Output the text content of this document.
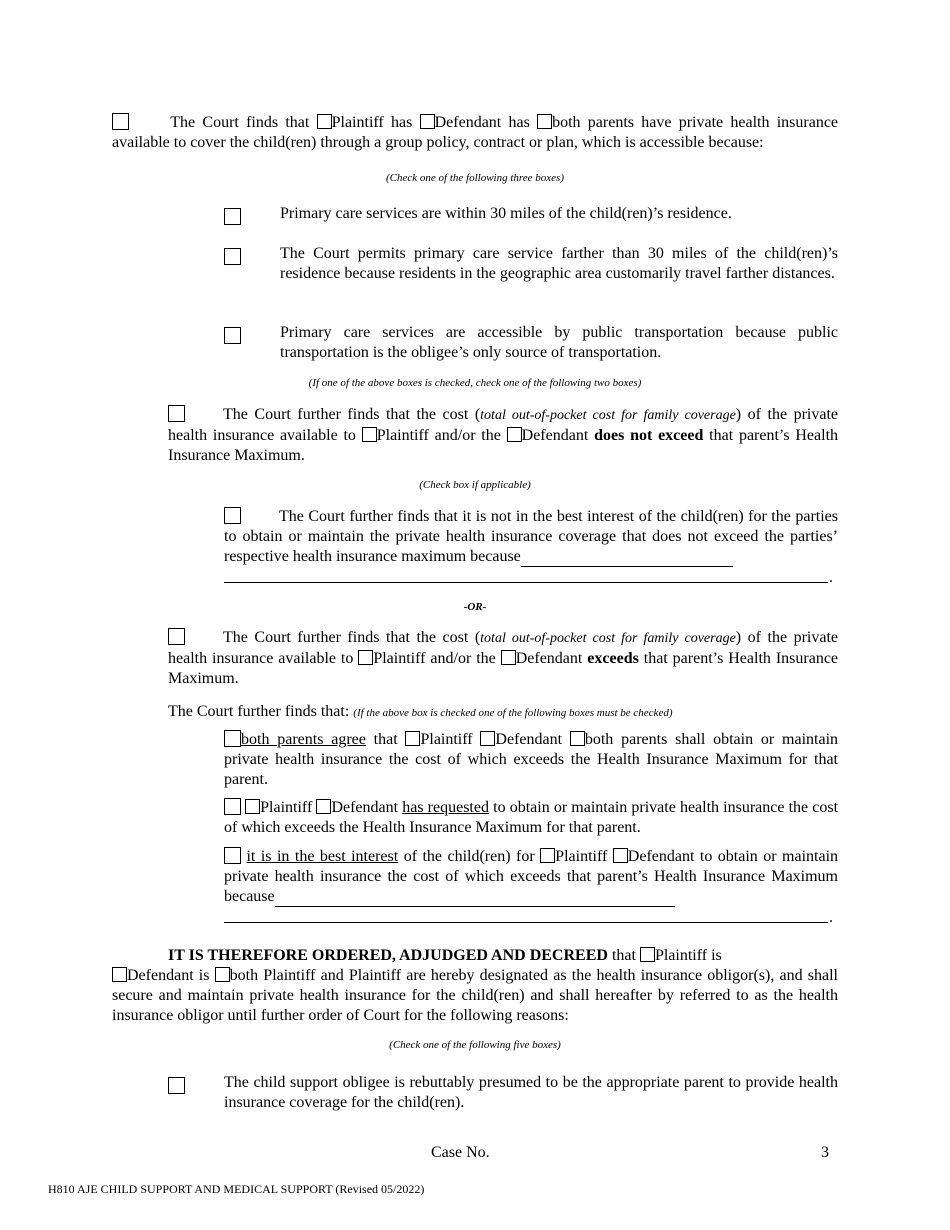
The Court finds that Plaintiff has Defendant has both parents have private health insurance available to cover the child(ren) through a group policy, contract or plan, which is accessible because:
(Check one of the following three boxes)
Primary care services are within 30 miles of the child(ren)’s residence.
The Court permits primary care service farther than 30 miles of the child(ren)’s residence because residents in the geographic area customarily travel farther distances.
Primary care services are accessible by public transportation because public transportation is the obligee’s only source of transportation.
(If one of the above boxes is checked, check one of the following two boxes)
The Court further finds that the cost (total out-of-pocket cost for family coverage) of the private health insurance available to Plaintiff and/or the Defendant does not exceed that parent’s Health Insurance Maximum.
(Check box if applicable)
The Court further finds that it is not in the best interest of the child(ren) for the parties to obtain or maintain the private health insurance coverage that does not exceed the parties’ respective health insurance maximum because
.
-OR-
The Court further finds that the cost (total out-of-pocket cost for family coverage) of the private health insurance available to Plaintiff and/or the Defendant exceeds that parent’s Health Insurance Maximum.
The Court further finds that: (If the above box is checked one of the following boxes must be checked)
both parents agree that Plaintiff Defendant both parents shall obtain or maintain private health insurance the cost of which exceeds the Health Insurance Maximum for that parent.
Plaintiff Defendant has requested to obtain or maintain private health insurance the cost of which exceeds the Health Insurance Maximum for that parent.
it is in the best interest of the child(ren) for Plaintiff Defendant to obtain or maintain private health insurance the cost of which exceeds that parent’s Health Insurance Maximum because
.
IT IS THEREFORE ORDERED, ADJUDGED AND DECREED that Plaintiff is
Defendant is both Plaintiff and Plaintiff are hereby designated as the health insurance obligor(s), and shall secure and maintain private health insurance for the child(ren) and shall hereafter by referred to as the health insurance obligor until further order of Court for the following reasons:
(Check one of the following five boxes)
The child support obligee is rebuttably presumed to be the appropriate parent to provide health insurance coverage for the child(ren).
Case No.	3
H810 AJE CHILD SUPPORT AND MEDICAL SUPPORT (Revised 05/2022)
